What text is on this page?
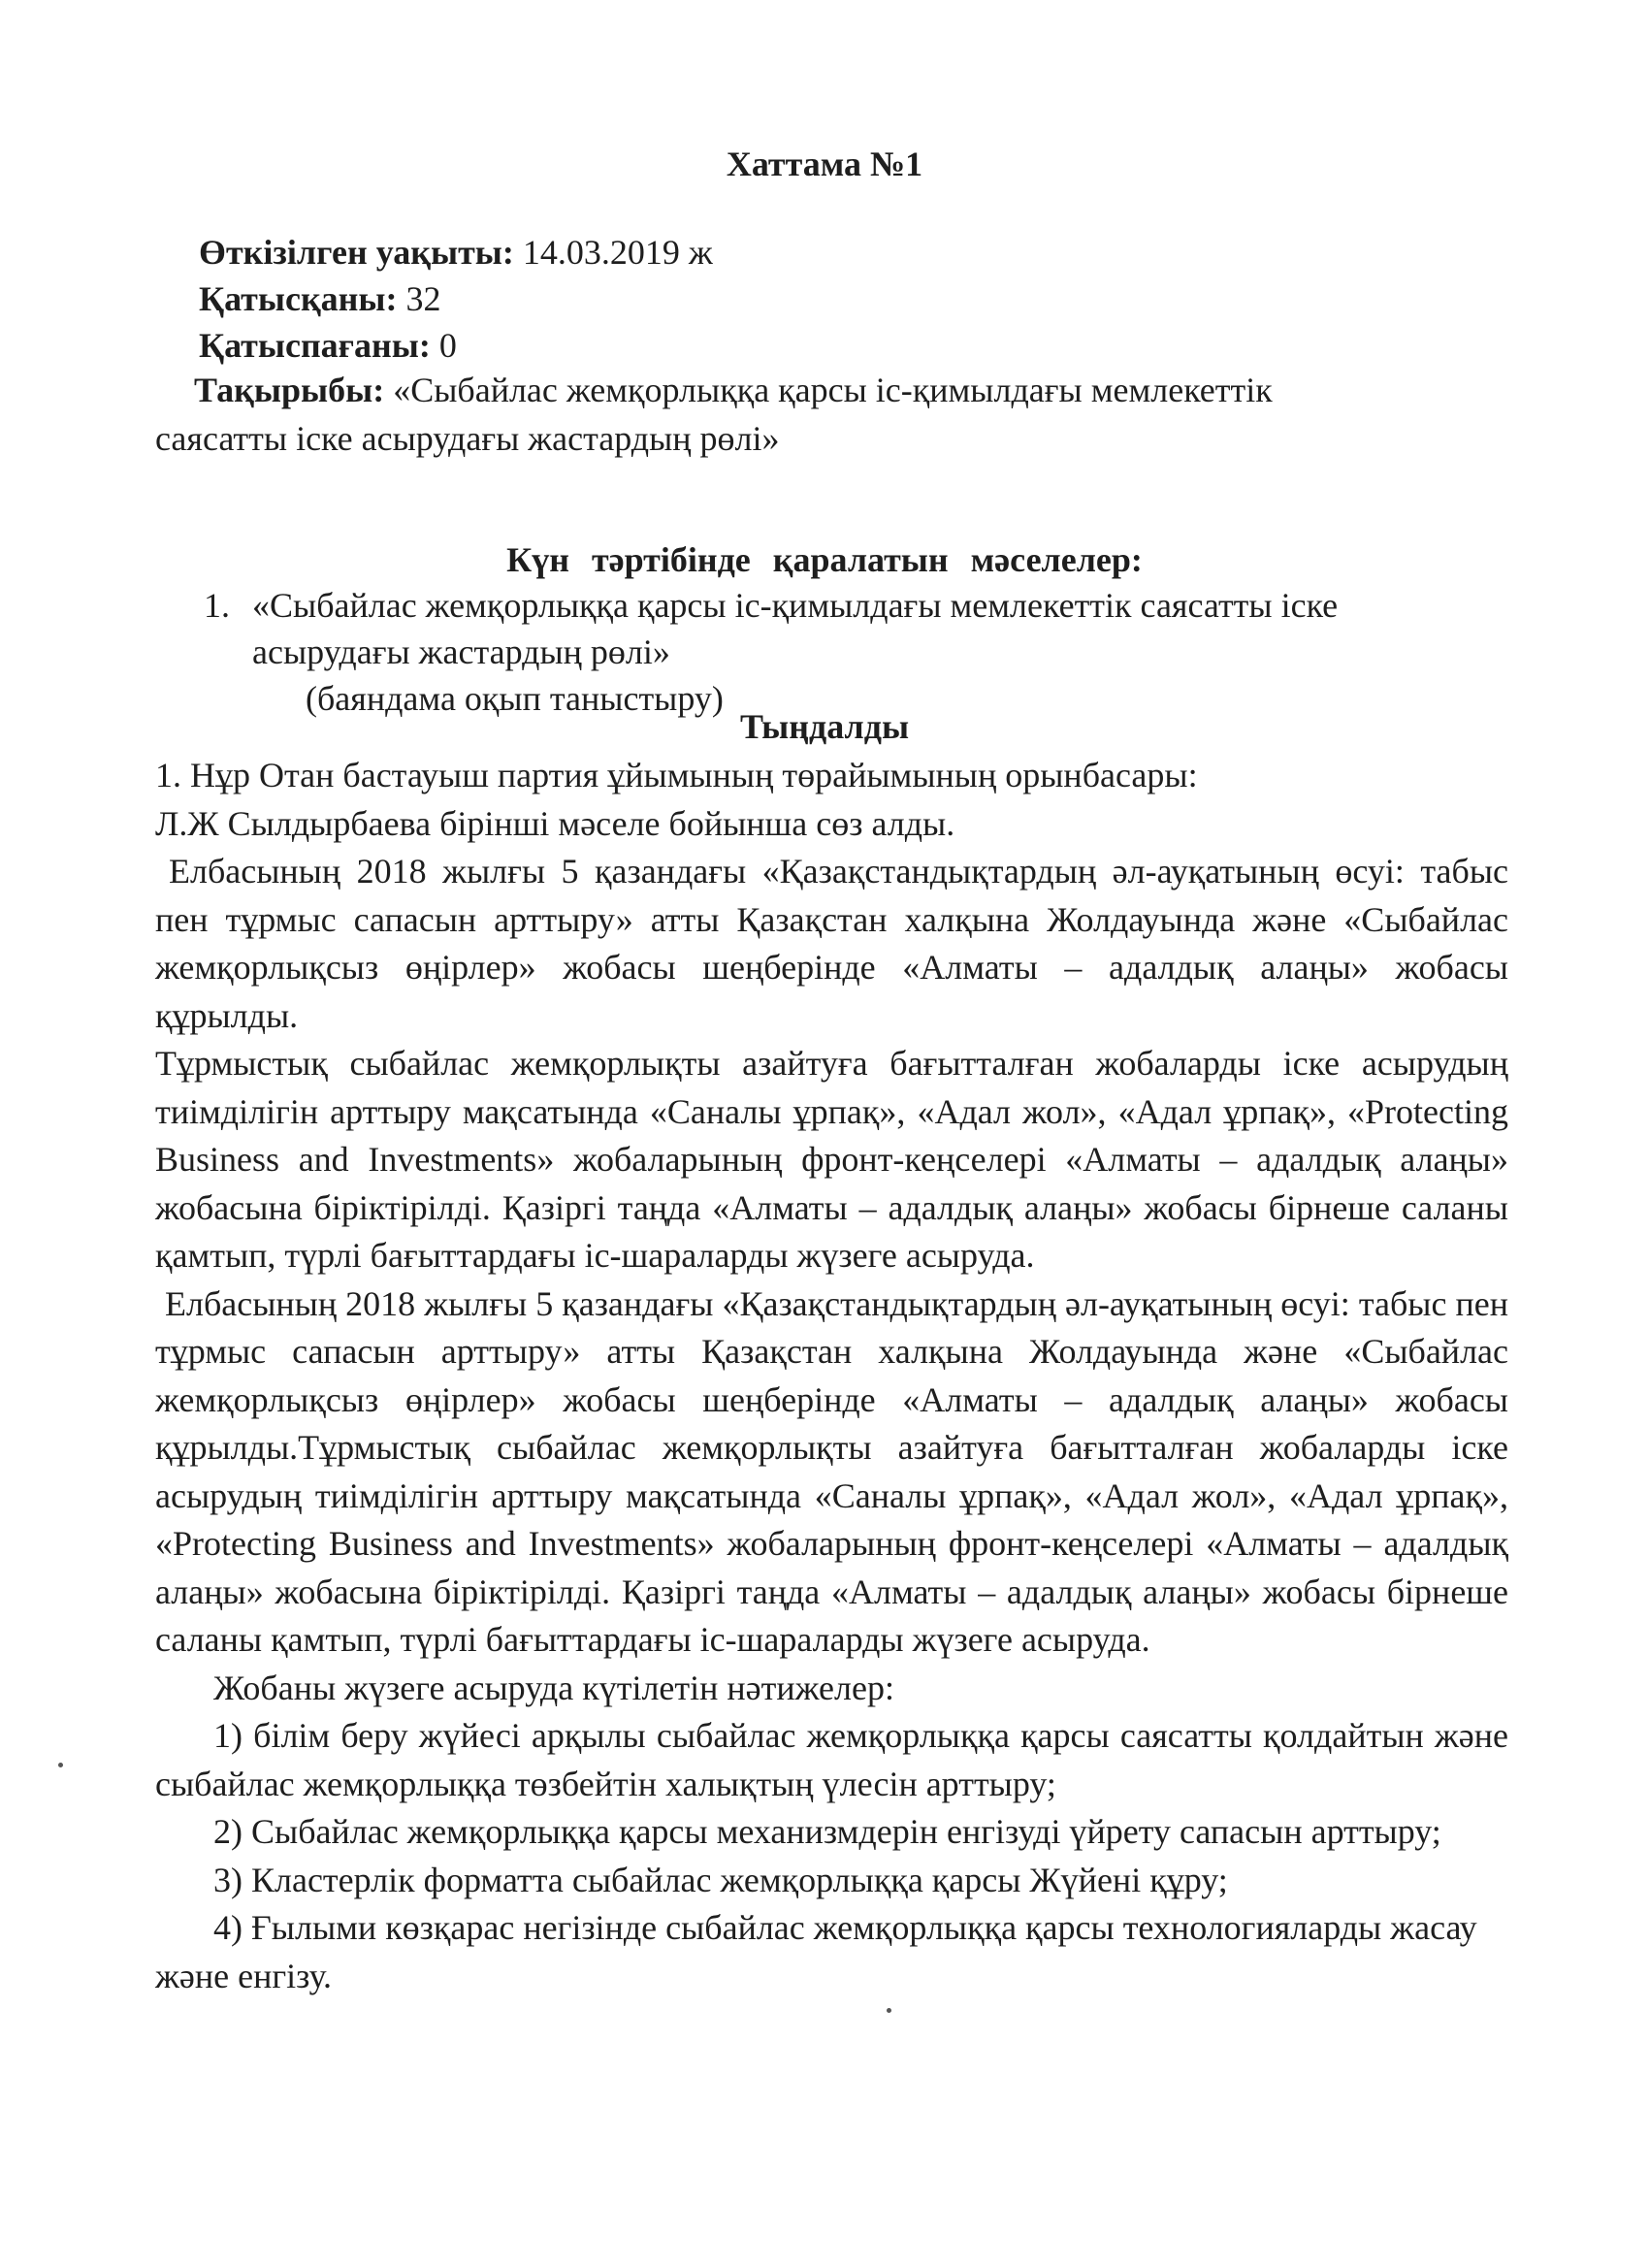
Хаттама №1
Өткізілген уақыты: 14.03.2019 ж
Қатысқаны: 32
Қатыспағаны: 0
Тақырыбы: «Сыбайлас жемқорлыққа қарсы іс-қимылдағы мемлекеттік
саясатты іске асырудағы жастардың рөлі»
Күн тәртібінде қаралатын мәселелер:
1. «Сыбайлас жемқорлыққа қарсы іс-қимылдағы мемлекеттік саясатты іске
асырудағы жастардың рөлі»
(баяндама оқып таныстыру)
Тыңдалды

1. Нұр Отан бастауыш партия ұйымының төрайымының орынбасары:

Л.Ж Сылдырбаева бірінші мәселе бойынша сөз алды.

Елбасының 2018 жылғы 5 қазандағы «Қазақстандықтардың әл-ауқатының өсуі: табыс пен тұрмыс сапасын арттыру» атты Қазақстан халқына Жолдауында және «Сыбайлас жемқорлықсыз өңірлер» жобасы шеңберінде «Алматы – адалдық алаңы» жобасы құрылды.

Тұрмыстық сыбайлас жемқорлықты азайтуға бағытталған жобаларды іске асырудың тиімділігін арттыру мақсатында «Саналы ұрпақ», «Адал жол», «Адал ұрпақ», «Protecting Business and Investments» жобаларының фронт-кеңселері «Алматы – адалдық алаңы» жобасына біріктірілді. Қазіргі таңда «Алматы – адалдық алаңы» жобасы бірнеше саланы қамтып, түрлі бағыттардағы іс-шараларды жүзеге асыруда.

Елбасының 2018 жылғы 5 қазандағы «Қазақстандықтардың әл-ауқатының өсуі: табыс пен тұрмыс сапасын арттыру» атты Қазақстан халқына Жолдауында және «Сыбайлас жемқорлықсыз өңірлер» жобасы шеңберінде «Алматы – адалдық алаңы» жобасы құрылды.Тұрмыстық сыбайлас жемқорлықты азайтуға бағытталған жобаларды іске асырудың тиімділігін арттыру мақсатында «Саналы ұрпақ», «Адал жол», «Адал ұрпақ», «Protecting Business and Investments» жобаларының фронт-кеңселері «Алматы – адалдық алаңы» жобасына біріктірілді. Қазіргі таңда «Алматы – адалдық алаңы» жобасы бірнеше саланы қамтып, түрлі бағыттардағы іс-шараларды жүзеге асыруда.

Жобаны жүзеге асыруда күтілетін нәтижелер:

1) білім беру жүйесі арқылы сыбайлас жемқорлыққа қарсы саясатты қолдайтын және сыбайлас жемқорлыққа төзбейтін халықтың үлесін арттыру;

2) Сыбайлас жемқорлыққа қарсы механизмдерін енгізуді үйрету сапасын арттыру;

3) Кластерлік форматта сыбайлас жемқорлыққа қарсы Жүйені құру;

4) Ғылыми көзқарас негізінде сыбайлас жемқорлыққа қарсы технологияларды жасау және енгізу.
